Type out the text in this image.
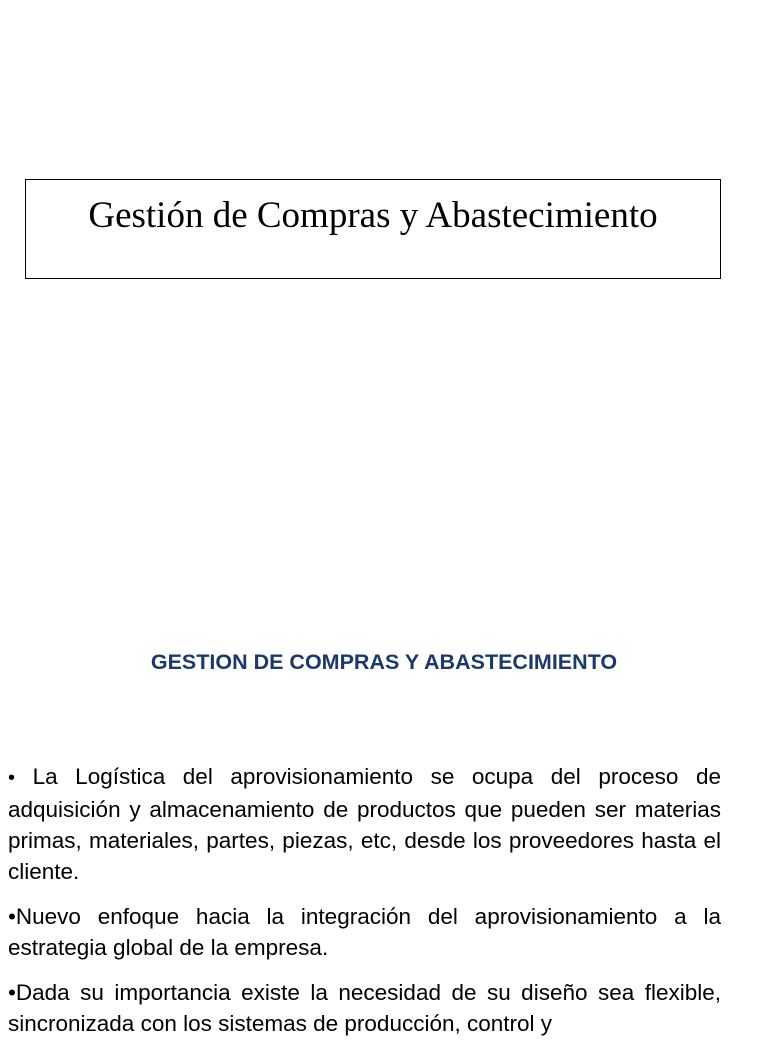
Gestión de Compras y Abastecimiento
GESTION DE COMPRAS Y ABASTECIMIENTO

• La Logística del aprovisionamiento se ocupa del proceso de adquisición y almacenamiento de productos que pueden ser materias primas, materiales, partes, piezas, etc, desde los proveedores hasta el cliente.

•Nuevo enfoque hacia la integración del aprovisionamiento a la estrategia global de la empresa.

•Dada su importancia existe la necesidad de su diseño sea flexible, sincronizada con los sistemas de producción, control y
